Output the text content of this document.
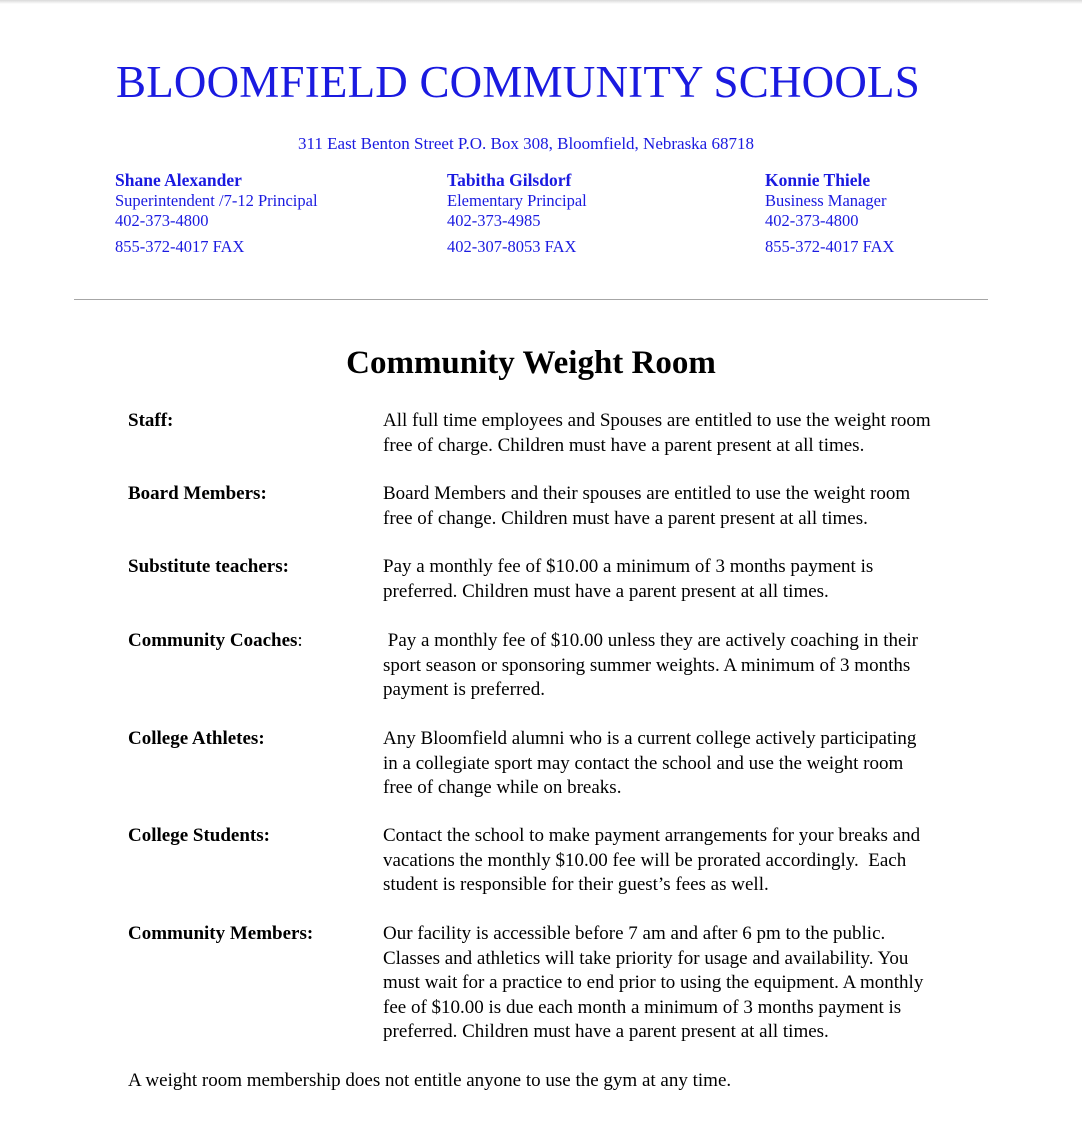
BLOOMFIELD COMMUNITY SCHOOLS
311 East Benton Street P.O. Box 308, Bloomfield, Nebraska 68718
Shane Alexander
Superintendent /7-12 Principal
402-373-4800
855-372-4017 FAX
Tabitha Gilsdorf
Elementary Principal
402-373-4985
402-307-8053 FAX
Konnie Thiele
Business Manager
402-373-4800
855-372-4017 FAX
Community Weight Room
Staff:	All full time employees and Spouses are entitled to use the weight room
free of charge. Children must have a parent present at all times.
Board Members:	Board Members and their spouses are entitled to use the weight room
free of change. Children must have a parent present at all times.
Substitute teachers:	Pay a monthly fee of $10.00 a minimum of 3 months payment is
preferred. Children must have a parent present at all times.
Community Coaches:	Pay a monthly fee of $10.00 unless they are actively coaching in their
sport season or sponsoring summer weights. A minimum of 3 months
payment is preferred.
College Athletes:	Any Bloomfield alumni who is a current college actively participating
in a collegiate sport may contact the school and use the weight room
free of change while on breaks.
College Students:	Contact the school to make payment arrangements for your breaks and
vacations the monthly $10.00 fee will be prorated accordingly.  Each
student is responsible for their guest’s fees as well.
Community Members:	Our facility is accessible before 7 am and after 6 pm to the public.
Classes and athletics will take priority for usage and availability. You
must wait for a practice to end prior to using the equipment. A monthly
fee of $10.00 is due each month a minimum of 3 months payment is
preferred. Children must have a parent present at all times.
A weight room membership does not entitle anyone to use the gym at any time.
